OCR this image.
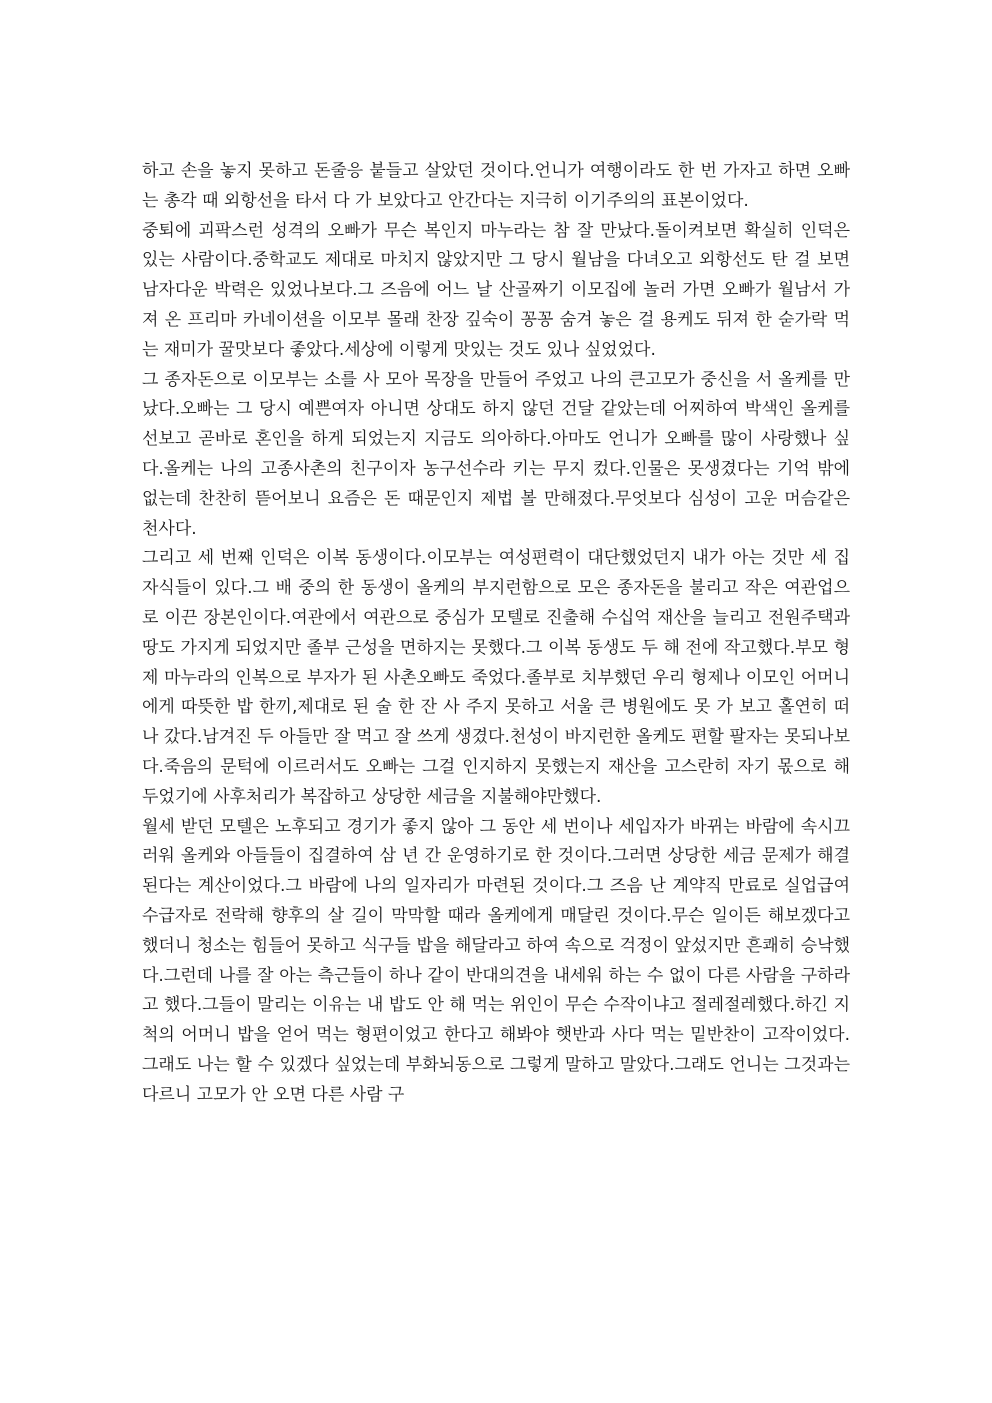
하고 손을 놓지 못하고 돈줄응 붙들고 살았던 것이다.언니가 여행이라도 한 번 가자고 하면 오빠는 총각 때 외항선을 타서 다 가 보았다고 안간다는 지극히 이기주의의 표본이었다.

중퇴에 괴팍스런 성격의 오빠가 무슨 복인지 마누라는 참 잘 만났다.돌이켜보면 확실히 인덕은 있는 사람이다.중학교도 제대로 마치지 않았지만 그 당시 월남을 다녀오고 외항선도 탄 걸 보면 남자다운 박력은 있었나보다.그 즈음에 어느 날 산골짜기 이모집에 놀러 가면 오빠가 월남서 가져 온 프리마 카네이션을 이모부 몰래 찬장 깊숙이 꽁꽁 숨겨 놓은 걸 용케도 뒤져 한 숟가락 먹는 재미가 꿀맛보다 좋았다.세상에 이렇게 맛있는 것도 있나 싶었었다.

그 종자돈으로 이모부는 소를 사 모아 목장을 만들어 주었고 나의 큰고모가 중신을 서 올케를 만났다.오빠는 그 당시 예쁜여자 아니면 상대도 하지 않던 건달 같았는데 어찌하여 박색인 올케를 선보고 곧바로 혼인을 하게 되었는지 지금도 의아하다.아마도 언니가 오빠를 많이 사랑했나 싶다.올케는 나의 고종사촌의 친구이자 농구선수라 키는 무지 컸다.인물은 못생겼다는 기억 밖에 없는데 찬찬히 뜯어보니 요즘은 돈 때문인지 제법 볼 만해졌다.무엇보다 심성이 고운 머슴같은 천사다.

그리고 세 번째 인덕은 이복 동생이다.이모부는 여성편력이 대단했었던지 내가 아는 것만 세 집 자식들이 있다.그 배 중의 한 동생이 올케의 부지런함으로 모은 종자돈을 불리고 작은 여관업으로 이끈 장본인이다.여관에서 여관으로 중심가 모텔로 진출해 수십억 재산을 늘리고 전원주택과 땅도 가지게 되었지만 졸부 근성을 면하지는 못했다.그 이복 동생도 두 해 전에 작고했다.부모 형제 마누라의 인복으로 부자가 된 사촌오빠도 죽었다.졸부로 치부했던 우리 형제나 이모인 어머니에게 따뜻한 밥 한끼,제대로 된 술 한 잔 사 주지 못하고 서울 큰 병원에도 못 가 보고 홀연히 떠나 갔다.남겨진 두 아들만 잘 먹고 잘 쓰게 생겼다.천성이 바지런한 올케도 편할 팔자는 못되나보다.죽음의 문턱에 이르러서도 오빠는 그걸 인지하지 못했는지 재산을 고스란히 자기 몫으로 해 두었기에 사후처리가 복잡하고 상당한 세금을 지불해야만했다.

월세 받던 모텔은 노후되고 경기가 좋지 않아 그 동안 세 번이나 세입자가 바뀌는 바람에 속시끄러워 올케와 아들들이 집결하여 삼 년 간 운영하기로 한 것이다.그러면 상당한 세금 문제가 해결된다는 계산이었다.그 바람에 나의 일자리가 마련된 것이다.그 즈음 난 계약직 만료로 실업급여 수급자로 전락해 향후의 살 길이 막막할 때라 올케에게 매달린 것이다.무슨 일이든 해보겠다고 했더니 청소는 힘들어 못하고 식구들 밥을 해달라고 하여 속으로 걱정이 앞섰지만 흔쾌히 승낙했다.그런데 나를 잘 아는 측근들이 하나 같이 반대의견을 내세워 하는 수 없이 다른 사람을 구하라고 했다.그들이 말리는 이유는 내 밥도 안 해 먹는 위인이 무슨 수작이냐고 절레절레했다.하긴 지척의 어머니 밥을 얻어 먹는 형편이었고 한다고 해봐야 햇반과 사다 먹는 밑반찬이 고작이었다.그래도 나는 할 수 있겠다 싶었는데 부화뇌동으로 그렇게 말하고 말았다.그래도 언니는 그것과는 다르니 고모가 안 오면 다른 사람 구
